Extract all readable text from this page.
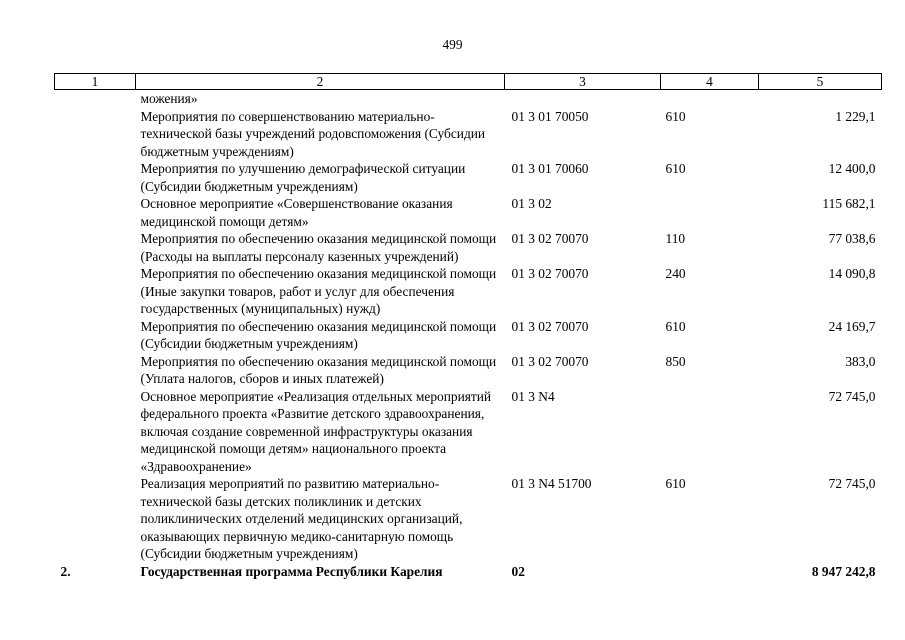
499
1	2	3	4	5
	можения»			
	Мероприятия по совершенствованию материально-технической базы учреждений родовспоможения (Субсидии бюджетным учреждениям)	01 3 01 70050	610	1 229,1
	Мероприятия по улучшению демографической ситуации (Субсидии бюджетным учреждениям)	01 3 01 70060	610	12 400,0
	Основное мероприятие «Совершенствование оказания медицинской помощи детям»	01 3 02		115 682,1
	Мероприятия по обеспечению оказания медицинской помощи (Расходы на выплаты персоналу казенных учреждений)	01 3 02 70070	110	77 038,6
	Мероприятия по обеспечению оказания медицинской помощи (Иные закупки товаров, работ и услуг для обеспечения государственных (муниципальных) нужд)	01 3 02 70070	240	14 090,8
	Мероприятия по обеспечению оказания медицинской помощи (Субсидии бюджетным учреждениям)	01 3 02 70070	610	24 169,7
	Мероприятия по обеспечению оказания медицинской помощи (Уплата налогов, сборов и иных платежей)	01 3 02 70070	850	383,0
	Основное мероприятие «Реализация отдельных мероприятий федерального проекта «Развитие детского здравоохранения, включая создание современной инфраструктуры оказания медицинской помощи детям» национального проекта «Здравоохранение»	01 3 N4		72 745,0
	Реализация мероприятий по развитию материально-технической базы детских поликлиник и детских поликлинических отделений медицинских организаций, оказывающих первичную медико-санитарную помощь (Субсидии бюджетным учреждениям)	01 3 N4 51700	610	72 745,0
2.	Государственная программа Республики Карелия	02		8 947 242,8
